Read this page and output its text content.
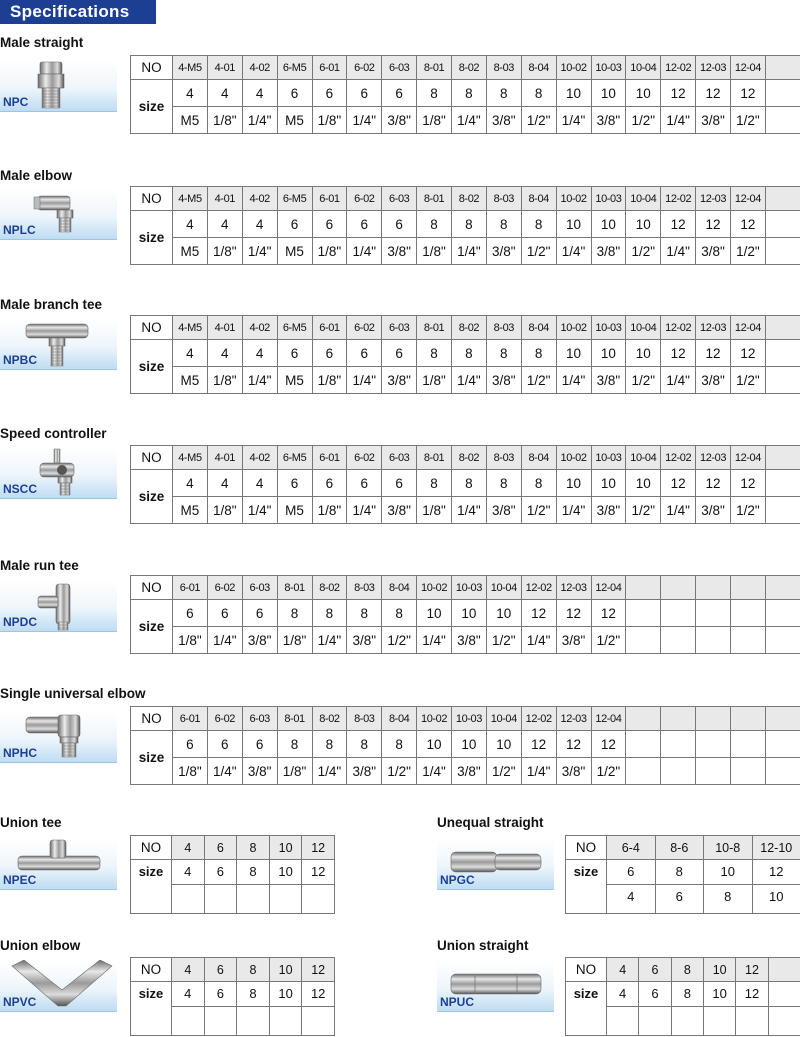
Specifications
Male straight
NPC
NO	4-M5	4-01	4-02	6-M5	6-01	6-02	6-03	8-01	8-02	8-03	8-04	10-02	10-03	10-04	12-02	12-03	12-04	
size	4	4	4	6	6	6	6	8	8	8	8	10	10	10	12	12	12	
	M5	1/8"	1/4"	M5	1/8"	1/4"	3/8"	1/8"	1/4"	3/8"	1/2"	1/4"	3/8"	1/2"	1/4"	3/8"	1/2"	
Male elbow
NPLC
NO	4-M5	4-01	4-02	6-M5	6-01	6-02	6-03	8-01	8-02	8-03	8-04	10-02	10-03	10-04	12-02	12-03	12-04	
size	4	4	4	6	6	6	6	8	8	8	8	10	10	10	12	12	12	
	M5	1/8"	1/4"	M5	1/8"	1/4"	3/8"	1/8"	1/4"	3/8"	1/2"	1/4"	3/8"	1/2"	1/4"	3/8"	1/2"	
Male branch tee
NPBC
NO	4-M5	4-01	4-02	6-M5	6-01	6-02	6-03	8-01	8-02	8-03	8-04	10-02	10-03	10-04	12-02	12-03	12-04	
size	4	4	4	6	6	6	6	8	8	8	8	10	10	10	12	12	12	
	M5	1/8"	1/4"	M5	1/8"	1/4"	3/8"	1/8"	1/4"	3/8"	1/2"	1/4"	3/8"	1/2"	1/4"	3/8"	1/2"	
Speed controller
NSCC
NO	4-M5	4-01	4-02	6-M5	6-01	6-02	6-03	8-01	8-02	8-03	8-04	10-02	10-03	10-04	12-02	12-03	12-04	
size	4	4	4	6	6	6	6	8	8	8	8	10	10	10	12	12	12	
	M5	1/8"	1/4"	M5	1/8"	1/4"	3/8"	1/8"	1/4"	3/8"	1/2"	1/4"	3/8"	1/2"	1/4"	3/8"	1/2"	
Male run tee
NPDC
NO	6-01	6-02	6-03	8-01	8-02	8-03	8-04	10-02	10-03	10-04	12-02	12-03	12-04					
size	6	6	6	8	8	8	8	10	10	10	12	12	12					
	1/8"	1/4"	3/8"	1/8"	1/4"	3/8"	1/2"	1/4"	3/8"	1/2"	1/4"	3/8"	1/2"					
Single universal elbow
NPHC
NO	6-01	6-02	6-03	8-01	8-02	8-03	8-04	10-02	10-03	10-04	12-02	12-03	12-04					
size	6	6	6	8	8	8	8	10	10	10	12	12	12					
	1/8"	1/4"	3/8"	1/8"	1/4"	3/8"	1/2"	1/4"	3/8"	1/2"	1/4"	3/8"	1/2"					
Union tee
NPEC
NO	4	6	8	10	12
size	4	6	8	10	12

Unequal straight
NPGC
NO	6-4	8-6	10-8	12-10
size	6	8	10	12
	4	6	8	10
Union elbow
NPVC
NO	4	6	8	10	12
size	4	6	8	10	12

Union straight
NPUC
NO	4	6	8	10	12	
size	4	6	8	10	12	
